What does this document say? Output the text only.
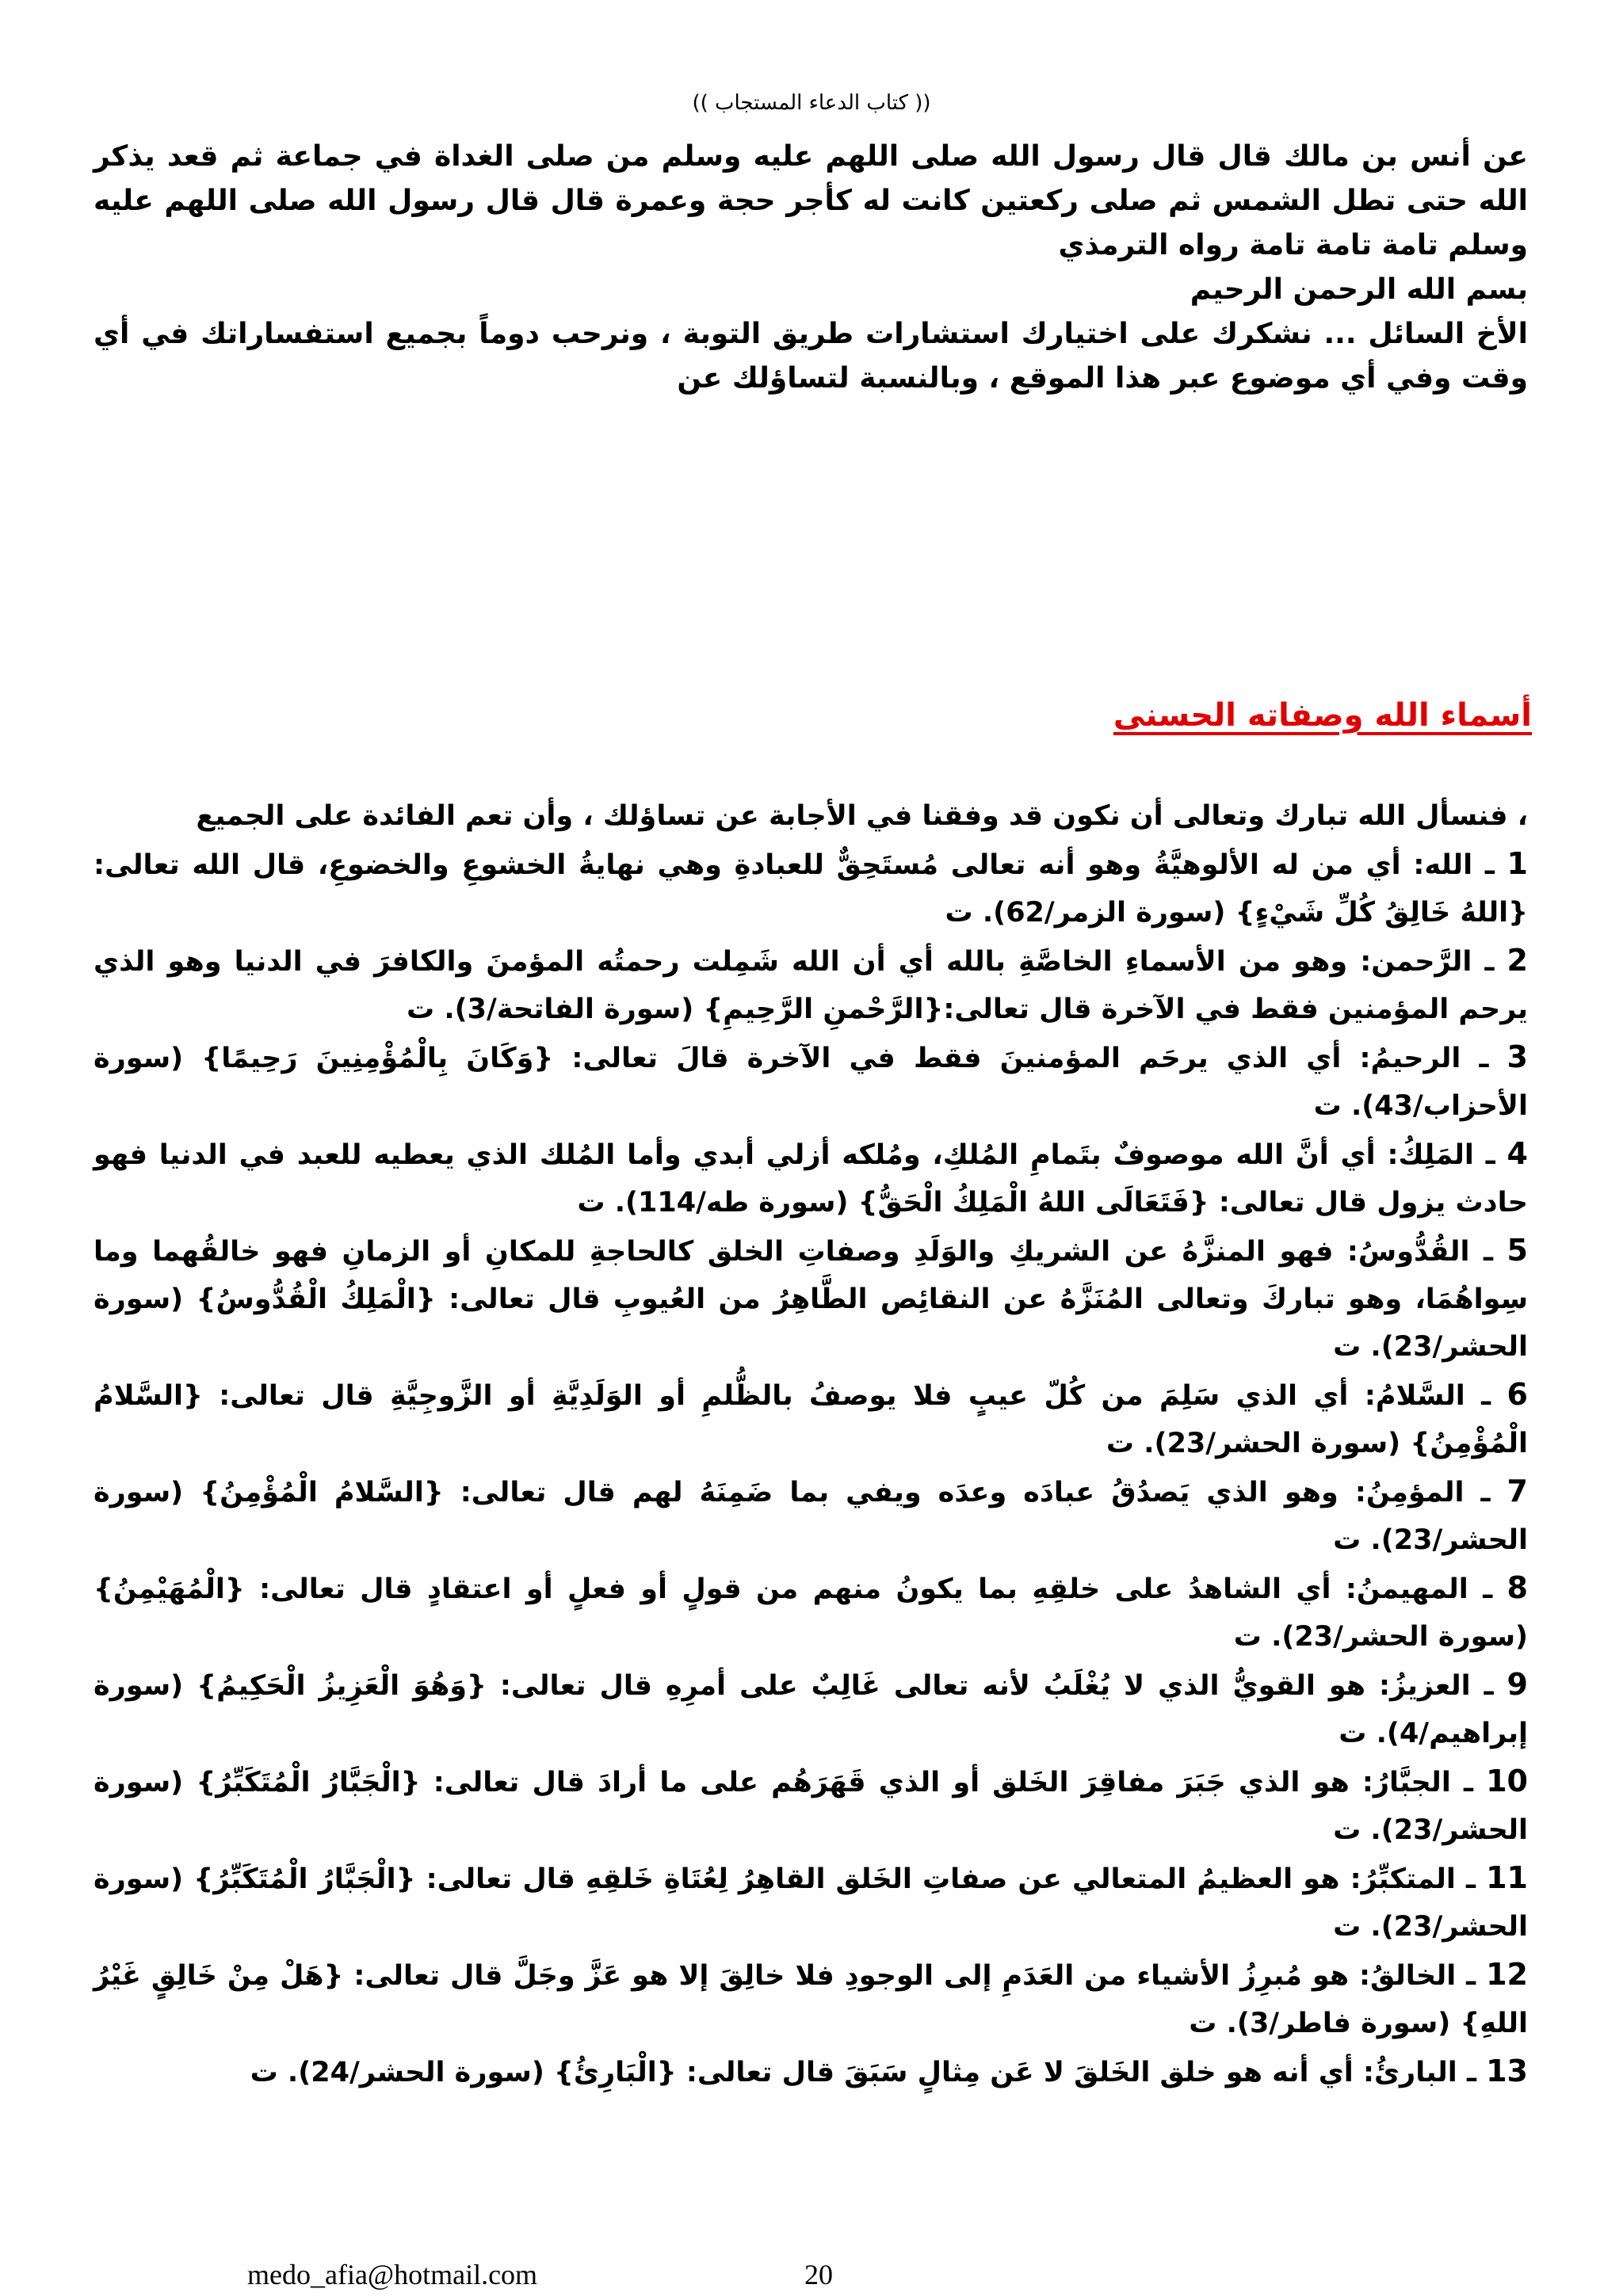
(( كتاب الدعاء المستجاب ))

عن أنس بن مالك قال قال رسول الله صلى اللهم عليه وسلم من صلى الغداة في جماعة ثم قعد يذكر الله حتى تطل الشمس ثم صلى ركعتين كانت له كأجر حجة وعمرة قال قال رسول الله صلى اللهم عليه وسلم تامة تامة تامة رواه الترمذي

بسم الله الرحمن الرحيم

الأخ السائل ... نشكرك على اختيارك استشارات طريق التوبة ، ونرحب دوماً بجميع استفساراتك في أي وقت وفي أي موضوع عبر هذا الموقع ، وبالنسبة لتساؤلك عن

أسماء الله وصفاته الحسنى

، فنسأل الله تبارك وتعالى أن نكون قد وفقنا في الأجابة عن تساؤلك ، وأن تعم الفائدة على الجميع

1 ـ الله: أي من له الألوهيَّةُ وهو أنه تعالى مُستَحِقٌّ للعبادةِ وهي نهايةُ الخشوعِ والخضوعِ، قال الله تعالى: {اللهُ خَالِقُ كُلِّ شَيْءٍ} (سورة الزمر/62). ت

2 ـ الرَّحمن: وهو من الأسماءِ الخاصَّةِ بالله أي أن الله شَمِلت رحمتُه المؤمنَ والكافرَ في الدنيا وهو الذي يرحم المؤمنين فقط في الآخرة قال تعالى:{الرَّحْمنِ الرَّحِيمِ} (سورة الفاتحة/3). ت

3 ـ الرحيمُ: أي الذي يرحَم المؤمنينَ فقط في الآخرة قالَ تعالى: {وَكَانَ بِالْمُؤْمِنِينَ رَحِيمًا} (سورة الأحزاب/43). ت

4 ـ المَلِكُ: أي أنَّ الله موصوفٌ بتَمامِ المُلكِ، ومُلكه أزلي أبدي وأما المُلك الذي يعطيه للعبد في الدنيا فهو حادث يزول قال تعالى: {فَتَعَالَى اللهُ الْمَلِكُ الْحَقُّ} (سورة طه/114). ت

5 ـ القُدُّوسُ: فهو المنزَّهُ عن الشريكِ والوَلَدِ وصفاتِ الخلق كالحاجةِ للمكانِ أو الزمانِ فهو خالقُهما وما سِواهُمَا، وهو تباركَ وتعالى المُنَزَّهُ عن النقائِص الطَّاهِرُ من العُيوبِ قال تعالى: {الْمَلِكُ الْقُدُّوسُ} (سورة الحشر/23). ت

6 ـ السَّلامُ: أي الذي سَلِمَ من كُلّ عيبٍ فلا يوصفُ بالظُّلمِ أو الوَلَدِيَّةِ أو الزَّوجِيَّةِ قال تعالى: {السَّلامُ الْمُؤْمِنُ} (سورة الحشر/23). ت

7 ـ المؤمِنُ: وهو الذي يَصدُقُ عبادَه وعدَه ويفي بما ضَمِنَهُ لهم قال تعالى: {السَّلامُ الْمُؤْمِنُ} (سورة الحشر/23). ت

8 ـ المهيمنُ: أي الشاهدُ على خلقِهِ بما يكونُ منهم من قولٍ أو فعلٍ أو اعتقادٍ قال تعالى: {الْمُهَيْمِنُ} (سورة الحشر/23). ت

9 ـ العزيزُ: هو القويُّ الذي لا يُغْلَبُ لأنه تعالى غَالِبٌ على أمرِهِ قال تعالى: {وَهُوَ الْعَزِيزُ الْحَكِيمُ} (سورة إبراهيم/4). ت

10 ـ الجبَّارُ: هو الذي جَبَرَ مفاقِرَ الخَلق أو الذي قَهَرَهُم على ما أرادَ قال تعالى: {الْجَبَّارُ الْمُتَكَبِّرُ} (سورة الحشر/23). ت

11 ـ المتكبِّرُ: هو العظيمُ المتعالي عن صفاتِ الخَلق القاهِرُ لِعُتَاةِ خَلقِهِ قال تعالى: {الْجَبَّارُ الْمُتَكَبِّرُ} (سورة الحشر/23). ت

12 ـ الخالقُ: هو مُبرِزُ الأشياء من العَدَمِ إلى الوجودِ فلا خالِقَ إلا هو عَزَّ وجَلَّ قال تعالى: {هَلْ مِنْ خَالِقٍ غَيْرُ اللهِ} (سورة فاطر/3). ت

13 ـ البارئُ: أي أنه هو خلق الخَلقَ لا عَن مِثالٍ سَبَقَ قال تعالى: {الْبَارِئُ} (سورة الحشر/24). ت

medo_afia@hotmail.com	20
